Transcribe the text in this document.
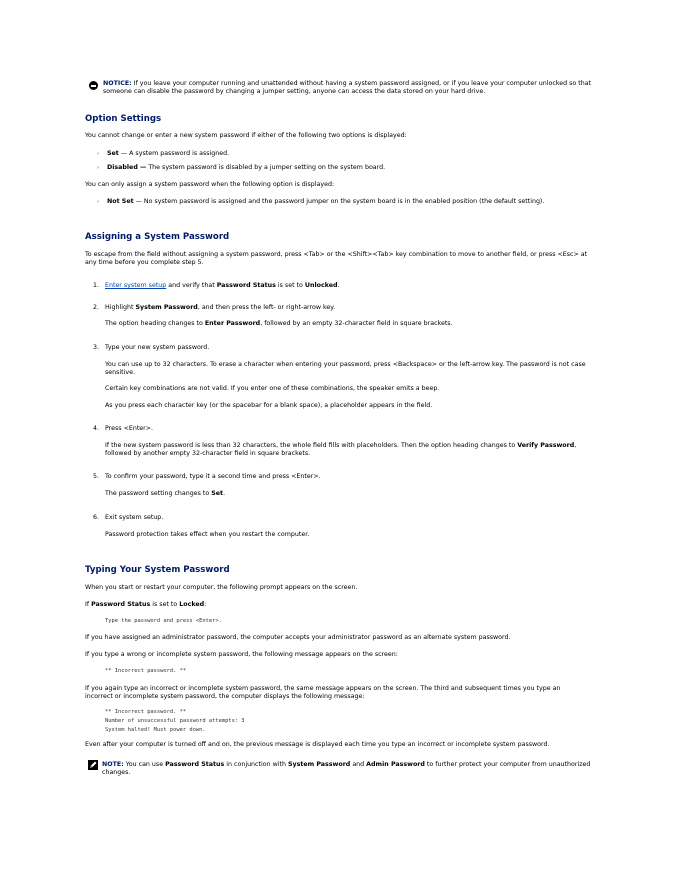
NOTICE: If you leave your computer running and unattended without having a system password assigned, or if you leave your computer unlocked so that someone can disable the password by changing a jumper setting, anyone can access the data stored on your hard drive.

Option Settings

You cannot change or enter a new system password if either of the following two options is displayed:

› Set — A system password is assigned.

› Disabled — The system password is disabled by a jumper setting on the system board.

You can only assign a system password when the following option is displayed:

› Not Set — No system password is assigned and the password jumper on the system board is in the enabled position (the default setting).

Assigning a System Password

To escape from the field without assigning a system password, press <Tab> or the <Shift><Tab> key combination to move to another field, or press <Esc> at any time before you complete step 5.

1. Enter system setup and verify that Password Status is set to Unlocked.

2. Highlight System Password, and then press the left- or right-arrow key.

The option heading changes to Enter Password, followed by an empty 32-character field in square brackets.

3. Type your new system password.

You can use up to 32 characters. To erase a character when entering your password, press <Backspace> or the left-arrow key. The password is not case sensitive.

Certain key combinations are not valid. If you enter one of these combinations, the speaker emits a beep.

As you press each character key (or the spacebar for a blank space), a placeholder appears in the field.

4. Press <Enter>.

If the new system password is less than 32 characters, the whole field fills with placeholders. Then the option heading changes to Verify Password, followed by another empty 32-character field in square brackets.

5. To confirm your password, type it a second time and press <Enter>.

The password setting changes to Set.

6. Exit system setup.

Password protection takes effect when you restart the computer.

Typing Your System Password

When you start or restart your computer, the following prompt appears on the screen.

If Password Status is set to Locked:

Type the password and press <Enter>.

If you have assigned an administrator password, the computer accepts your administrator password as an alternate system password.

If you type a wrong or incomplete system password, the following message appears on the screen:

** Incorrect password. **

If you again type an incorrect or incomplete system password, the same message appears on the screen. The third and subsequent times you type an incorrect or incomplete system password, the computer displays the following message:

** Incorrect password. **
Number of unsuccessful password attempts: 3
System halted! Must power down.

Even after your computer is turned off and on, the previous message is displayed each time you type an incorrect or incomplete system password.

NOTE: You can use Password Status in conjunction with System Password and Admin Password to further protect your computer from unauthorized changes.
